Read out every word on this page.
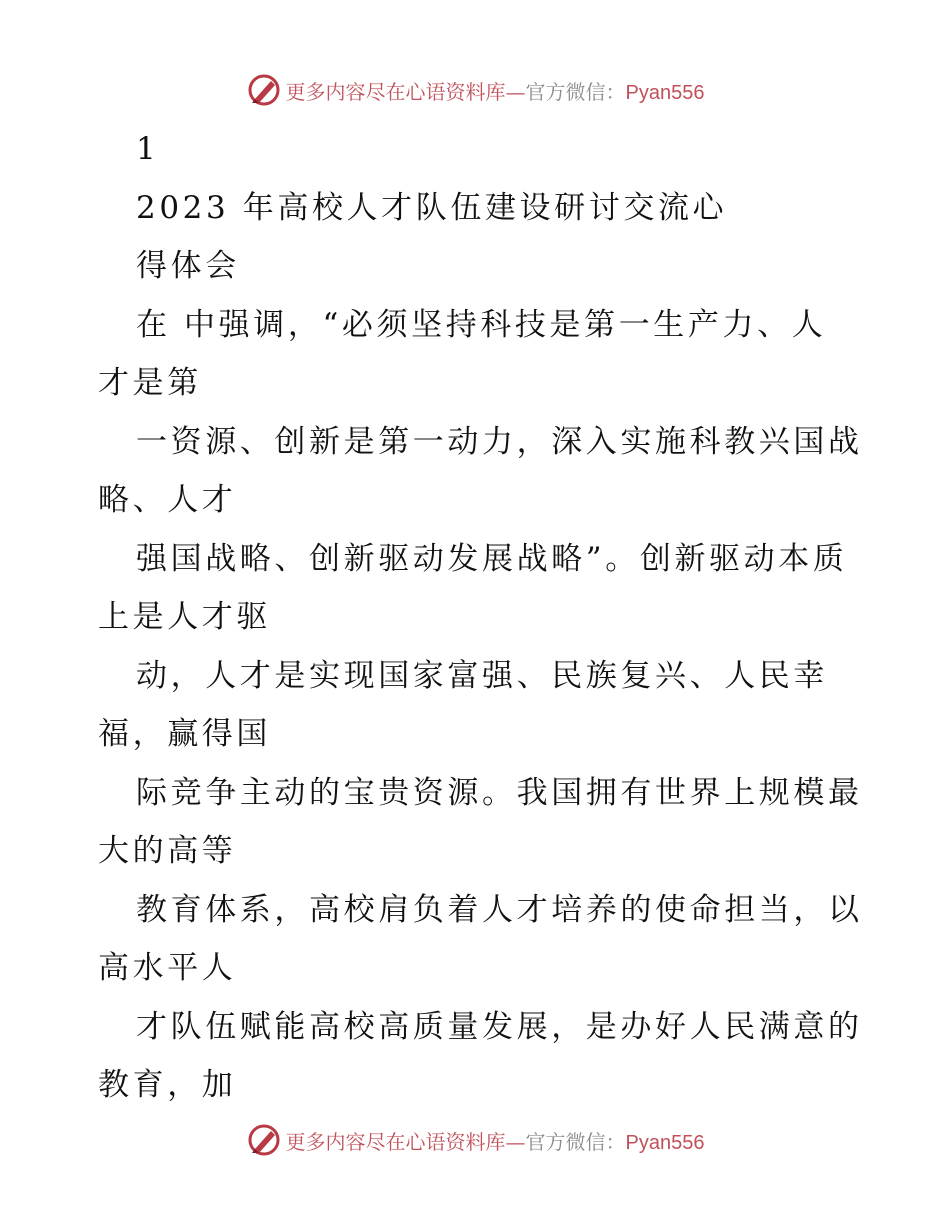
更多内容尽在心语资料库—官方微信：Pyan556
1
2023 年高校人才队伍建设研讨交流心
得体会
在 中强调，“必须坚持科技是第一生产力、人
才是第
一资源、创新是第一动力，深入实施科教兴国战
略、人才
强国战略、创新驱动发展战略”。创新驱动本质
上是人才驱
动，人才是实现国家富强、民族复兴、人民幸
福，赢得国
际竞争主动的宝贵资源。我国拥有世界上规模最
大的高等
教育体系，高校肩负着人才培养的使命担当，以
高水平人
才队伍赋能高校高质量发展，是办好人民满意的
教育，加
更多内容尽在心语资料库—官方微信：Pyan556
